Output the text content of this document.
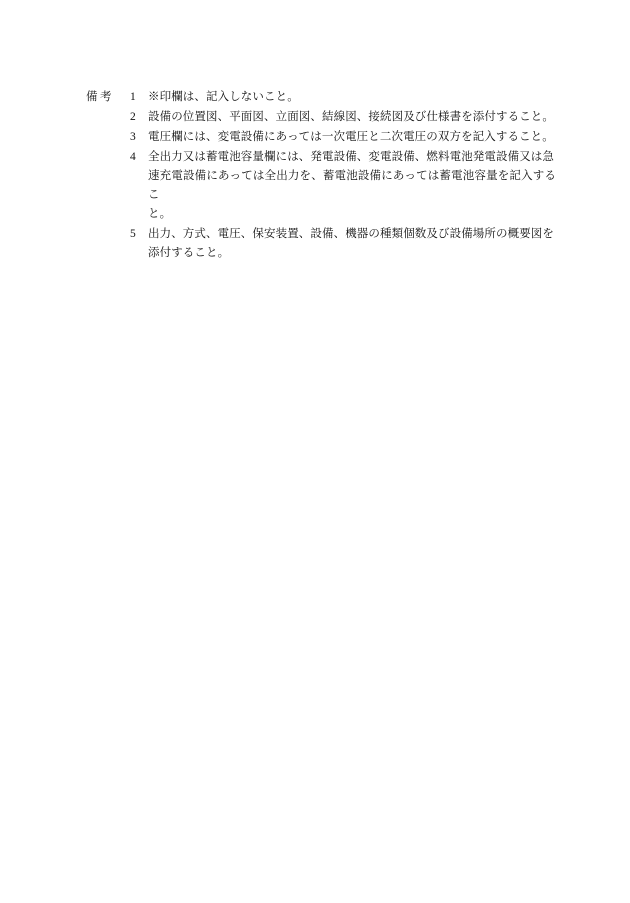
備考	1	※印欄は、記入しないこと。
2	設備の位置図、平面図、立面図、結線図、接続図及び仕様書を添付すること。
3	電圧欄には、変電設備にあっては一次電圧と二次電圧の双方を記入すること。
4	全出力又は蓄電池容量欄には、発電設備、変電設備、燃料電池発電設備又は急
速充電設備にあっては全出力を、蓄電池設備にあっては蓄電池容量を記入するこ
と。
5	出力、方式、電圧、保安装置、設備、機器の種類個数及び設備場所の概要図を
添付すること。
